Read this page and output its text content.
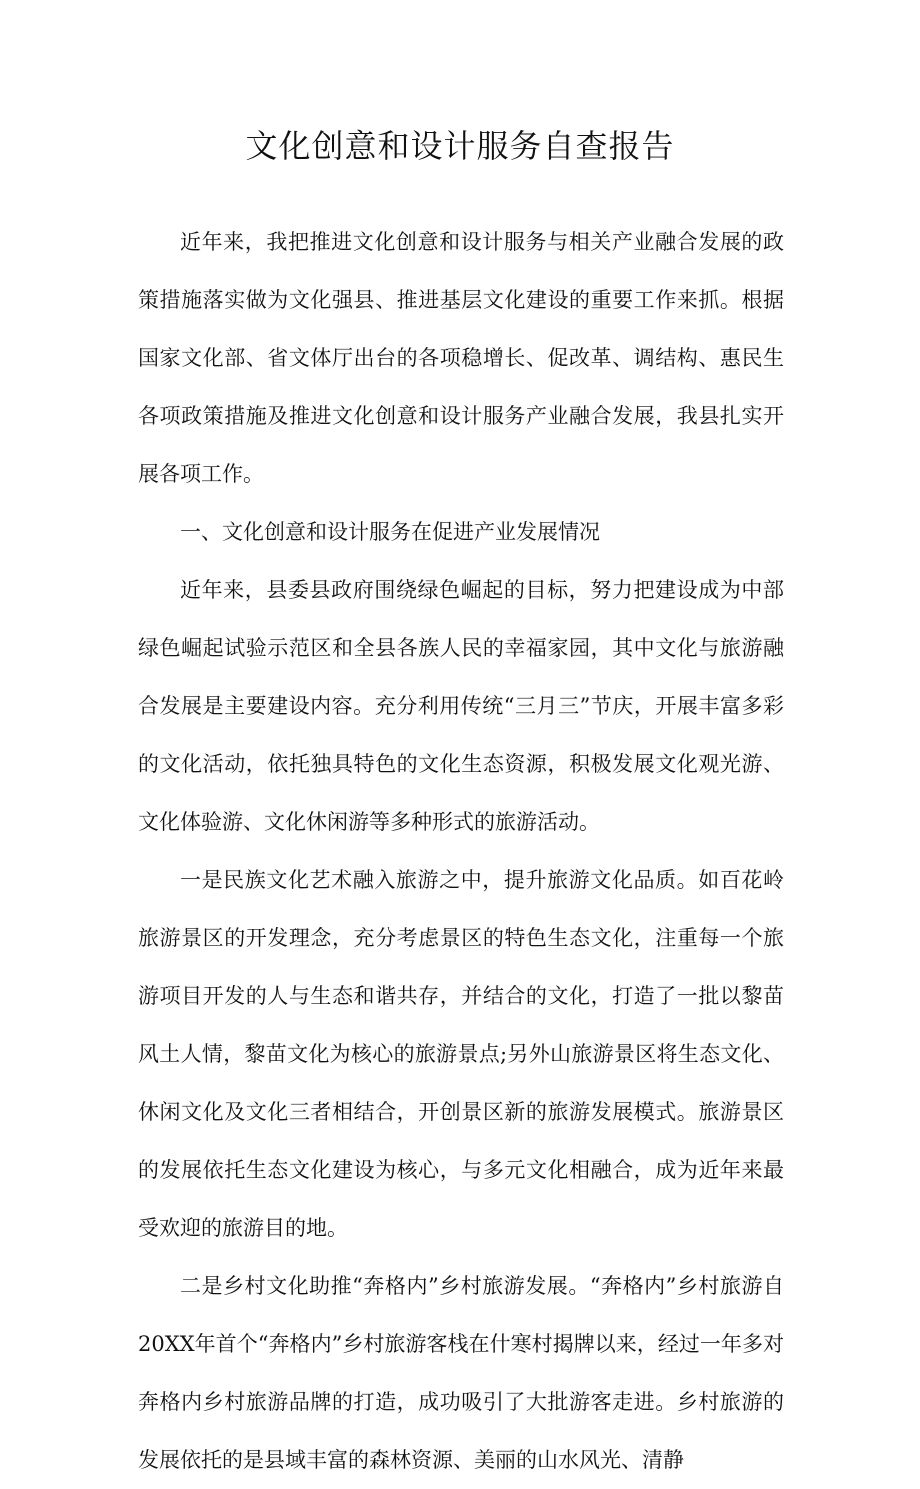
文化创意和设计服务自查报告

近年来，我把推进文化创意和设计服务与相关产业融合发展的政策措施落实做为文化强县、推进基层文化建设的重要工作来抓。根据国家文化部、省文体厅出台的各项稳增长、促改革、调结构、惠民生各项政策措施及推进文化创意和设计服务产业融合发展，我县扎实开展各项工作。

一、文化创意和设计服务在促进产业发展情况

近年来，县委县政府围绕绿色崛起的目标，努力把建设成为中部绿色崛起试验示范区和全县各族人民的幸福家园，其中文化与旅游融合发展是主要建设内容。充分利用传统“三月三”节庆，开展丰富多彩的文化活动，依托独具特色的文化生态资源，积极发展文化观光游、文化体验游、文化休闲游等多种形式的旅游活动。

一是民族文化艺术融入旅游之中，提升旅游文化品质。如百花岭旅游景区的开发理念，充分考虑景区的特色生态文化，注重每一个旅游项目开发的人与生态和谐共存，并结合的文化，打造了一批以黎苗风土人情，黎苗文化为核心的旅游景点;另外山旅游景区将生态文化、休闲文化及文化三者相结合，开创景区新的旅游发展模式。旅游景区的发展依托生态文化建设为核心，与多元文化相融合，成为近年来最受欢迎的旅游目的地。

二是乡村文化助推“奔格内”乡村旅游发展。“奔格内”乡村旅游自20XX年首个“奔格内”乡村旅游客栈在什寒村揭牌以来，经过一年多对奔格内乡村旅游品牌的打造，成功吸引了大批游客走进。乡村旅游的发展依托的是县域丰富的森林资源、美丽的山水风光、清静
